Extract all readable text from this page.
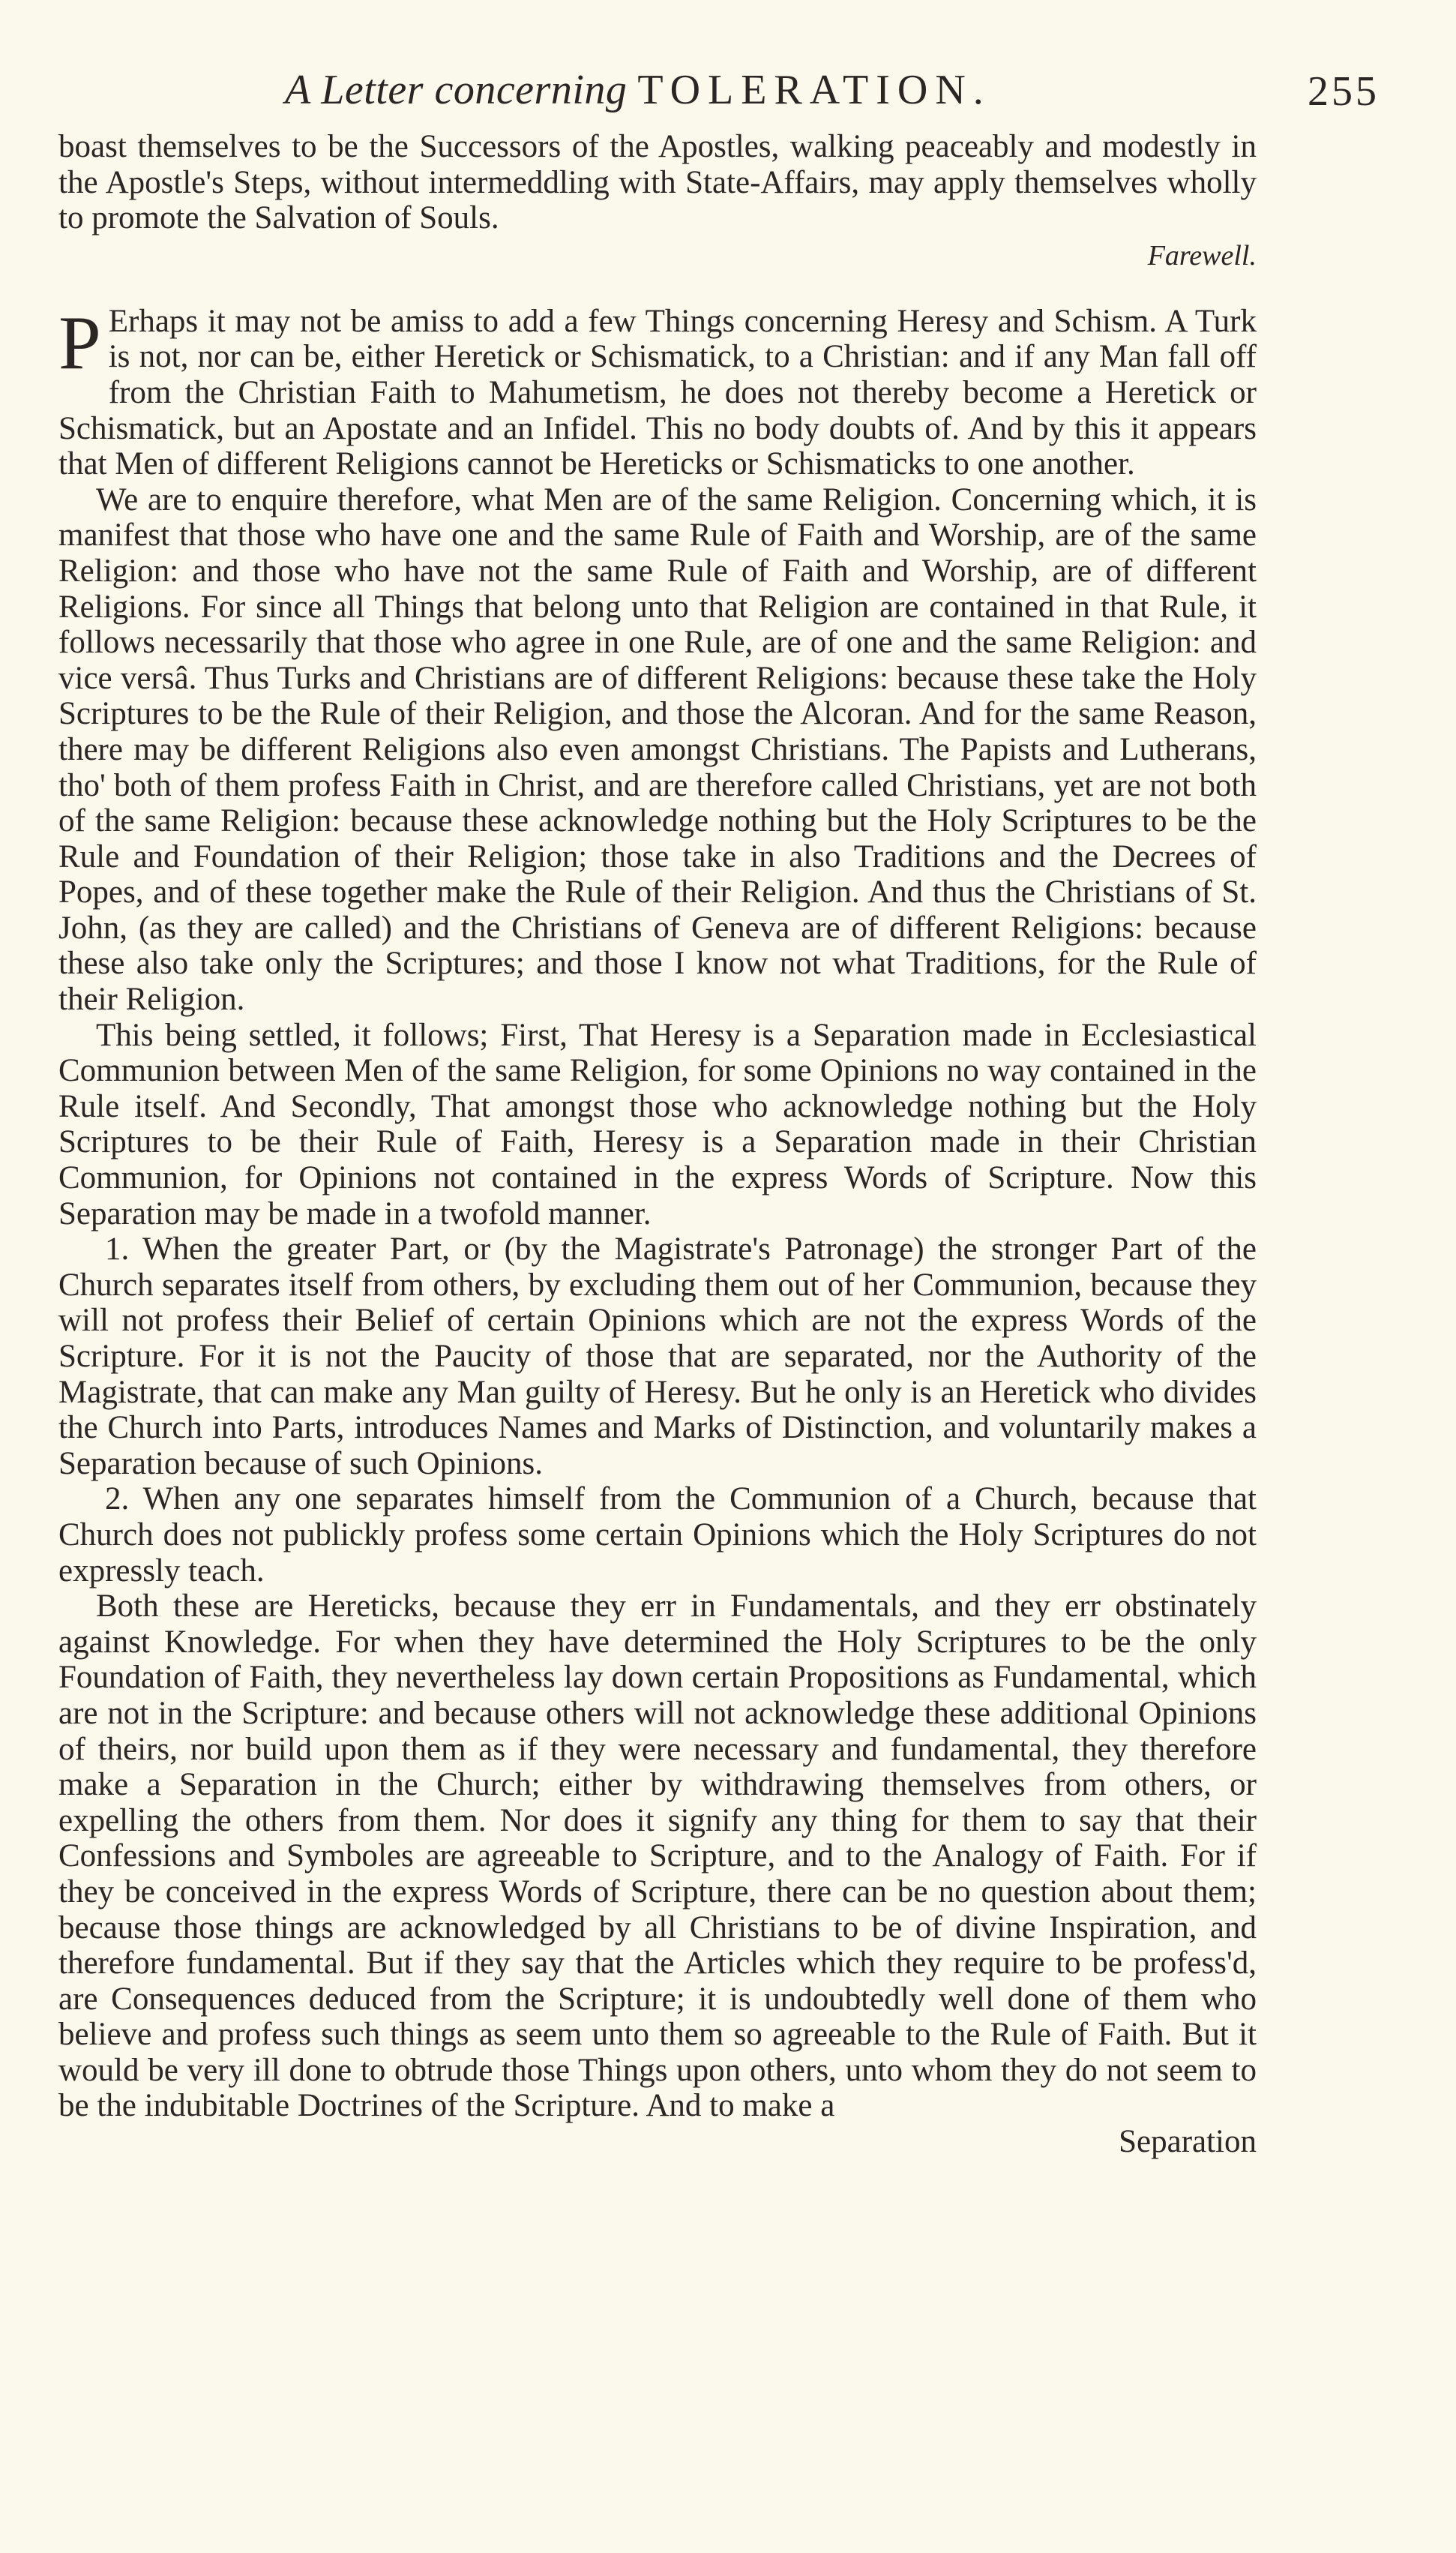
A Letter concerning TOLERATION.	255

boast themselves to be the Successors of the Apostles, walking peaceably and modestly in the Apostle's Steps, without intermeddling with State-Affairs, may apply themselves wholly to promote the Salvation of Souls.

Farewell.

P Erhaps it may not be amiss to add a few Things concerning Heresy and Schism. A Turk is not, nor can be, either Heretick or Schismatick, to a Christian: and if any Man fall off from the Christian Faith to Mahumetism, he does not thereby become a Heretick or Schismatick, but an Apostate and an Infidel. This no body doubts of. And by this it appears that Men of different Religions cannot be Hereticks or Schismaticks to one another.

We are to enquire therefore, what Men are of the same Religion. Concerning which, it is manifest that those who have one and the same Rule of Faith and Worship, are of the same Religion: and those who have not the same Rule of Faith and Worship, are of different Religions. For since all Things that belong unto that Religion are contained in that Rule, it follows necessarily that those who agree in one Rule, are of one and the same Religion: and vice versâ. Thus Turks and Christians are of different Religions: because these take the Holy Scriptures to be the Rule of their Religion, and those the Alcoran. And for the same Reason, there may be different Religions also even amongst Christians. The Papists and Lutherans, tho' both of them profess Faith in Christ, and are therefore called Christians, yet are not both of the same Religion: because these acknowledge nothing but the Holy Scriptures to be the Rule and Foundation of their Religion; those take in also Traditions and the Decrees of Popes, and of these together make the Rule of their Religion. And thus the Christians of St. John, (as they are called) and the Christians of Geneva are of different Religions: because these also take only the Scriptures; and those I know not what Traditions, for the Rule of their Religion.

This being settled, it follows; First, That Heresy is a Separation made in Ecclesiastical Communion between Men of the same Religion, for some Opinions no way contained in the Rule itself. And Secondly, That amongst those who acknowledge nothing but the Holy Scriptures to be their Rule of Faith, Heresy is a Separation made in their Christian Communion, for Opinions not contained in the express Words of Scripture. Now this Separation may be made in a twofold manner.

1. When the greater Part, or (by the Magistrate's Patronage) the stronger Part of the Church separates itself from others, by excluding them out of her Communion, because they will not profess their Belief of certain Opinions which are not the express Words of the Scripture. For it is not the Paucity of those that are separated, nor the Authority of the Magistrate, that can make any Man guilty of Heresy. But he only is an Heretick who divides the Church into Parts, introduces Names and Marks of Distinction, and voluntarily makes a Separation because of such Opinions.

2. When any one separates himself from the Communion of a Church, because that Church does not publickly profess some certain Opinions which the Holy Scriptures do not expressly teach.

Both these are Hereticks, because they err in Fundamentals, and they err obstinately against Knowledge. For when they have determined the Holy Scriptures to be the only Foundation of Faith, they nevertheless lay down certain Propositions as Fundamental, which are not in the Scripture: and because others will not acknowledge these additional Opinions of theirs, nor build upon them as if they were necessary and fundamental, they therefore make a Separation in the Church; either by withdrawing themselves from others, or expelling the others from them. Nor does it signify any thing for them to say that their Confessions and Symboles are agreeable to Scripture, and to the Analogy of Faith. For if they be conceived in the express Words of Scripture, there can be no question about them; because those things are acknowledged by all Christians to be of divine Inspiration, and therefore fundamental. But if they say that the Articles which they require to be profess'd, are Consequences deduced from the Scripture; it is undoubtedly well done of them who believe and profess such things as seem unto them so agreeable to the Rule of Faith. But it would be very ill done to obtrude those Things upon others, unto whom they do not seem to be the indubitable Doctrines of the Scripture. And to make a

Separation
